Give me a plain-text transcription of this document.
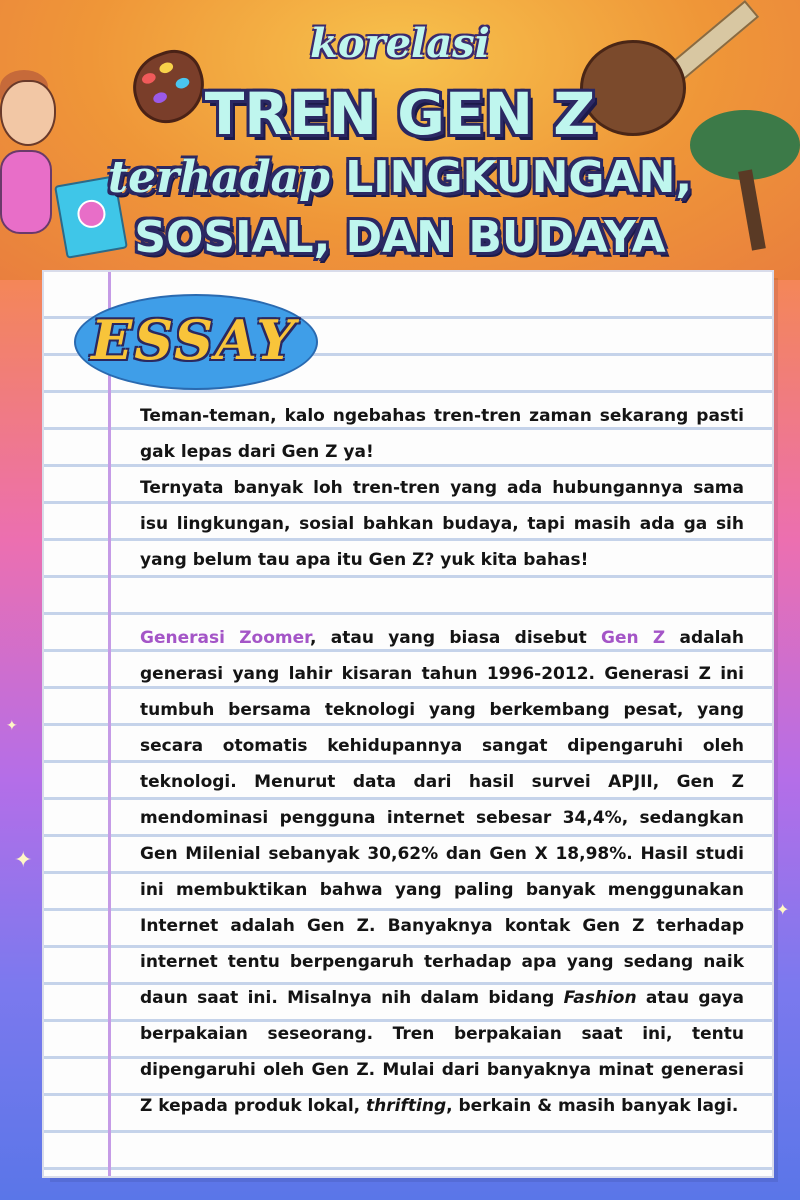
korelasi
TREN GEN Z
terhadap LINGKUNGAN,
SOSIAL, DAN BUDAYA
ESSAY
Teman-teman, kalo ngebahas tren-tren zaman sekarang pasti gak lepas dari Gen Z ya!
Ternyata banyak loh tren-tren yang ada hubungannya sama isu lingkungan, sosial bahkan budaya, tapi masih ada ga sih yang belum tau apa itu Gen Z? yuk kita bahas!
Generasi Zoomer, atau yang biasa disebut Gen Z adalah generasi yang lahir kisaran tahun 1996-2012. Generasi Z ini tumbuh bersama teknologi yang berkembang pesat, yang secara otomatis kehidupannya sangat dipengaruhi oleh teknologi. Menurut data dari hasil survei APJII, Gen Z mendominasi pengguna internet sebesar 34,4%, sedangkan Gen Milenial sebanyak 30,62% dan Gen X 18,98%. Hasil studi ini membuktikan bahwa yang paling banyak menggunakan Internet adalah Gen Z. Banyaknya kontak Gen Z terhadap internet tentu berpengaruh terhadap apa yang sedang naik daun saat ini. Misalnya nih dalam bidang Fashion atau gaya berpakaian seseorang. Tren berpakaian saat ini, tentu dipengaruhi oleh Gen Z. Mulai dari banyaknya minat generasi Z kepada produk lokal, thrifting, berkain & masih banyak lagi.
✦
✦
✦
